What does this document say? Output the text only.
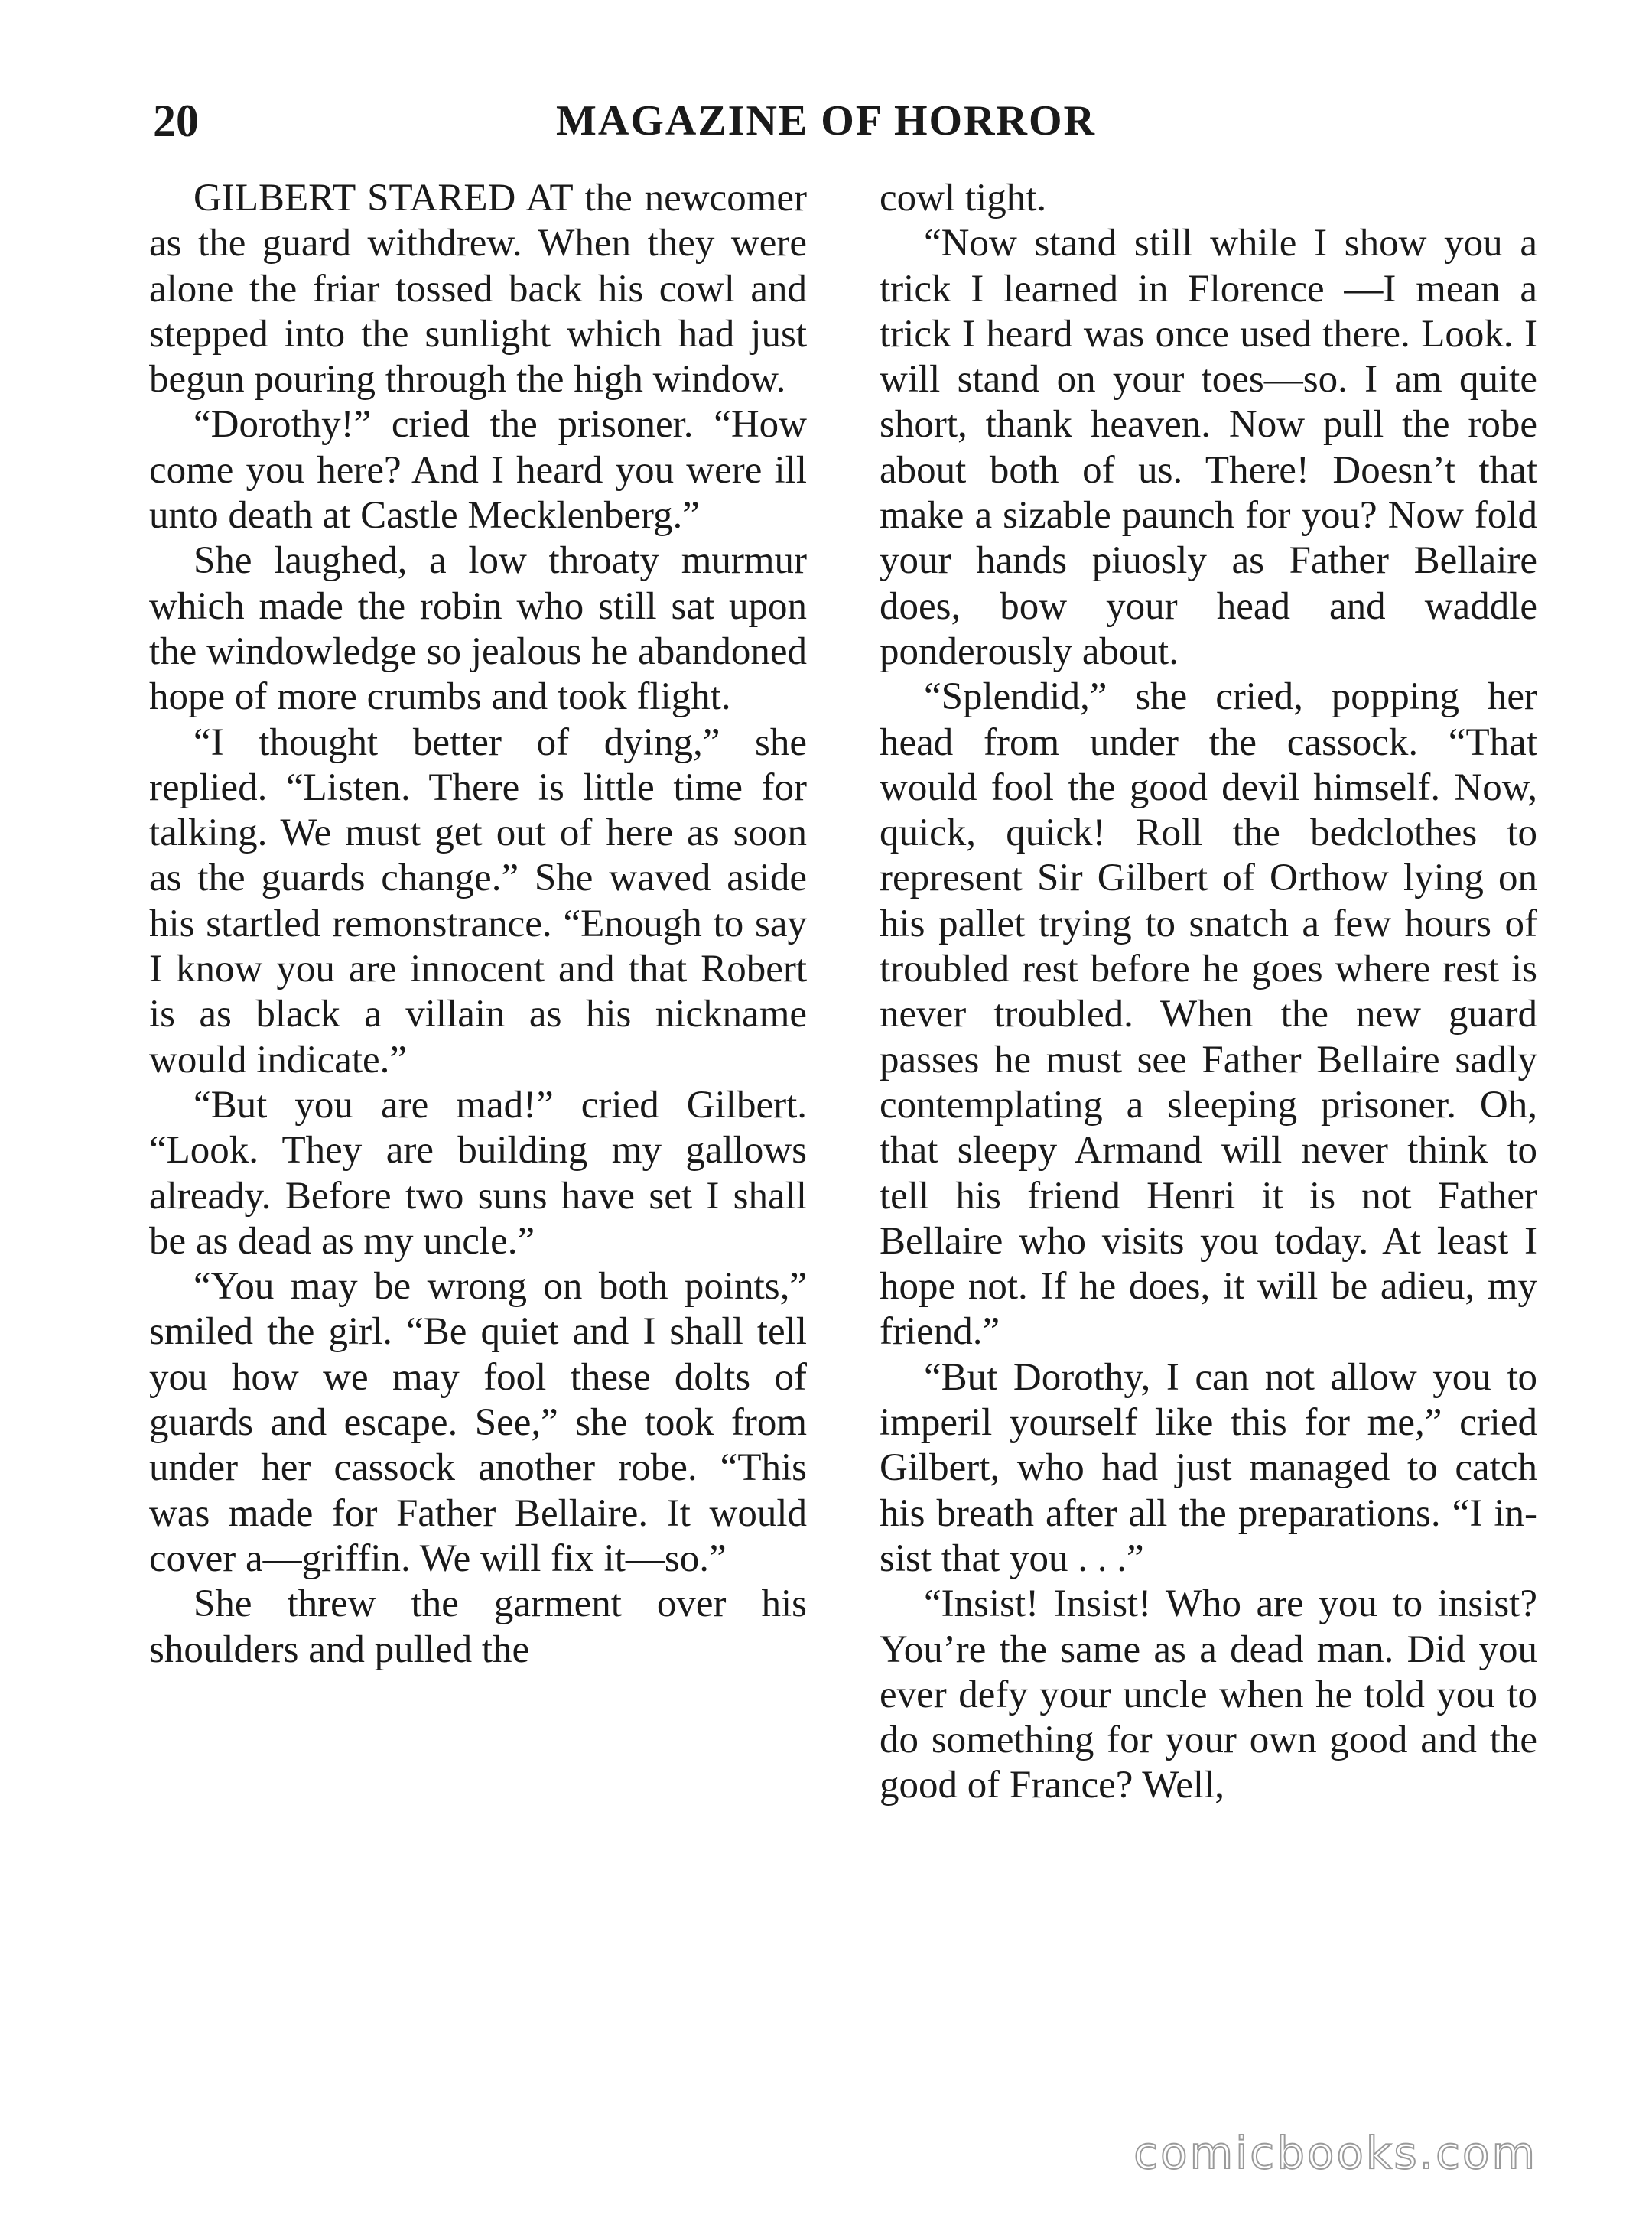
20	MAGAZINE OF HORROR

GILBERT STARED AT the newcomer as the guard withdrew. When they were alone the friar tossed back his cowl and stepped into the sunlight which had just begun pouring through the high window.

“Dorothy!” cried the prisoner. “How come you here? And I heard you were ill unto death at Castle Mecklenberg.”

She laughed, a low throaty murmur which made the robin who still sat upon the windowledge so jealous he abandoned hope of more crumbs and took flight.

“I thought better of dying,” she replied. “Listen. There is little time for talking. We must get out of here as soon as the guards change.” She waved aside his startled remonstrance. “Enough to say I know you are innocent and that Robert is as black a villain as his nickname would indicate.”

“But you are mad!” cried Gilbert. “Look. They are building my gallows already. Before two suns have set I shall be as dead as my uncle.”

“You may be wrong on both points,” smiled the girl. “Be quiet and I shall tell you how we may fool these dolts of guards and escape. See,” she took from under her cassock another robe. “This was made for Father Bellaire. It would cover a—griffin. We will fix it—so.”

She threw the garment over his shoulders and pulled the

cowl tight.

“Now stand still while I show you a trick I learned in Florence —I mean a trick I heard was once used there. Look. I will stand on your toes—so. I am quite short, thank heaven. Now pull the robe about both of us. There! Doesn’t that make a sizable paunch for you? Now fold your hands piuosly as Father Bellaire does, bow your head and waddle ponderously about.

“Splendid,” she cried, popping her head from under the cassock. “That would fool the good devil himself. Now, quick, quick! Roll the bedclothes to represent Sir Gilbert of Orthow lying on his pallet trying to snatch a few hours of troubled rest before he goes where rest is never troubled. When the new guard passes he must see Father Bellaire sadly contemplating a sleeping prisoner. Oh, that sleepy Armand will never think to tell his friend Henri it is not Father Bellaire who visits you today. At least I hope not. If he does, it will be adieu, my friend.”

“But Dorothy, I can not allow you to imperil yourself like this for me,” cried Gilbert, who had just managed to catch his breath after all the preparations. “I insist that you . . .”

“Insist! Insist! Who are you to insist? You’re the same as a dead man. Did you ever defy your uncle when he told you to do something for your own good and the good of France? Well,

comicbooks.com
